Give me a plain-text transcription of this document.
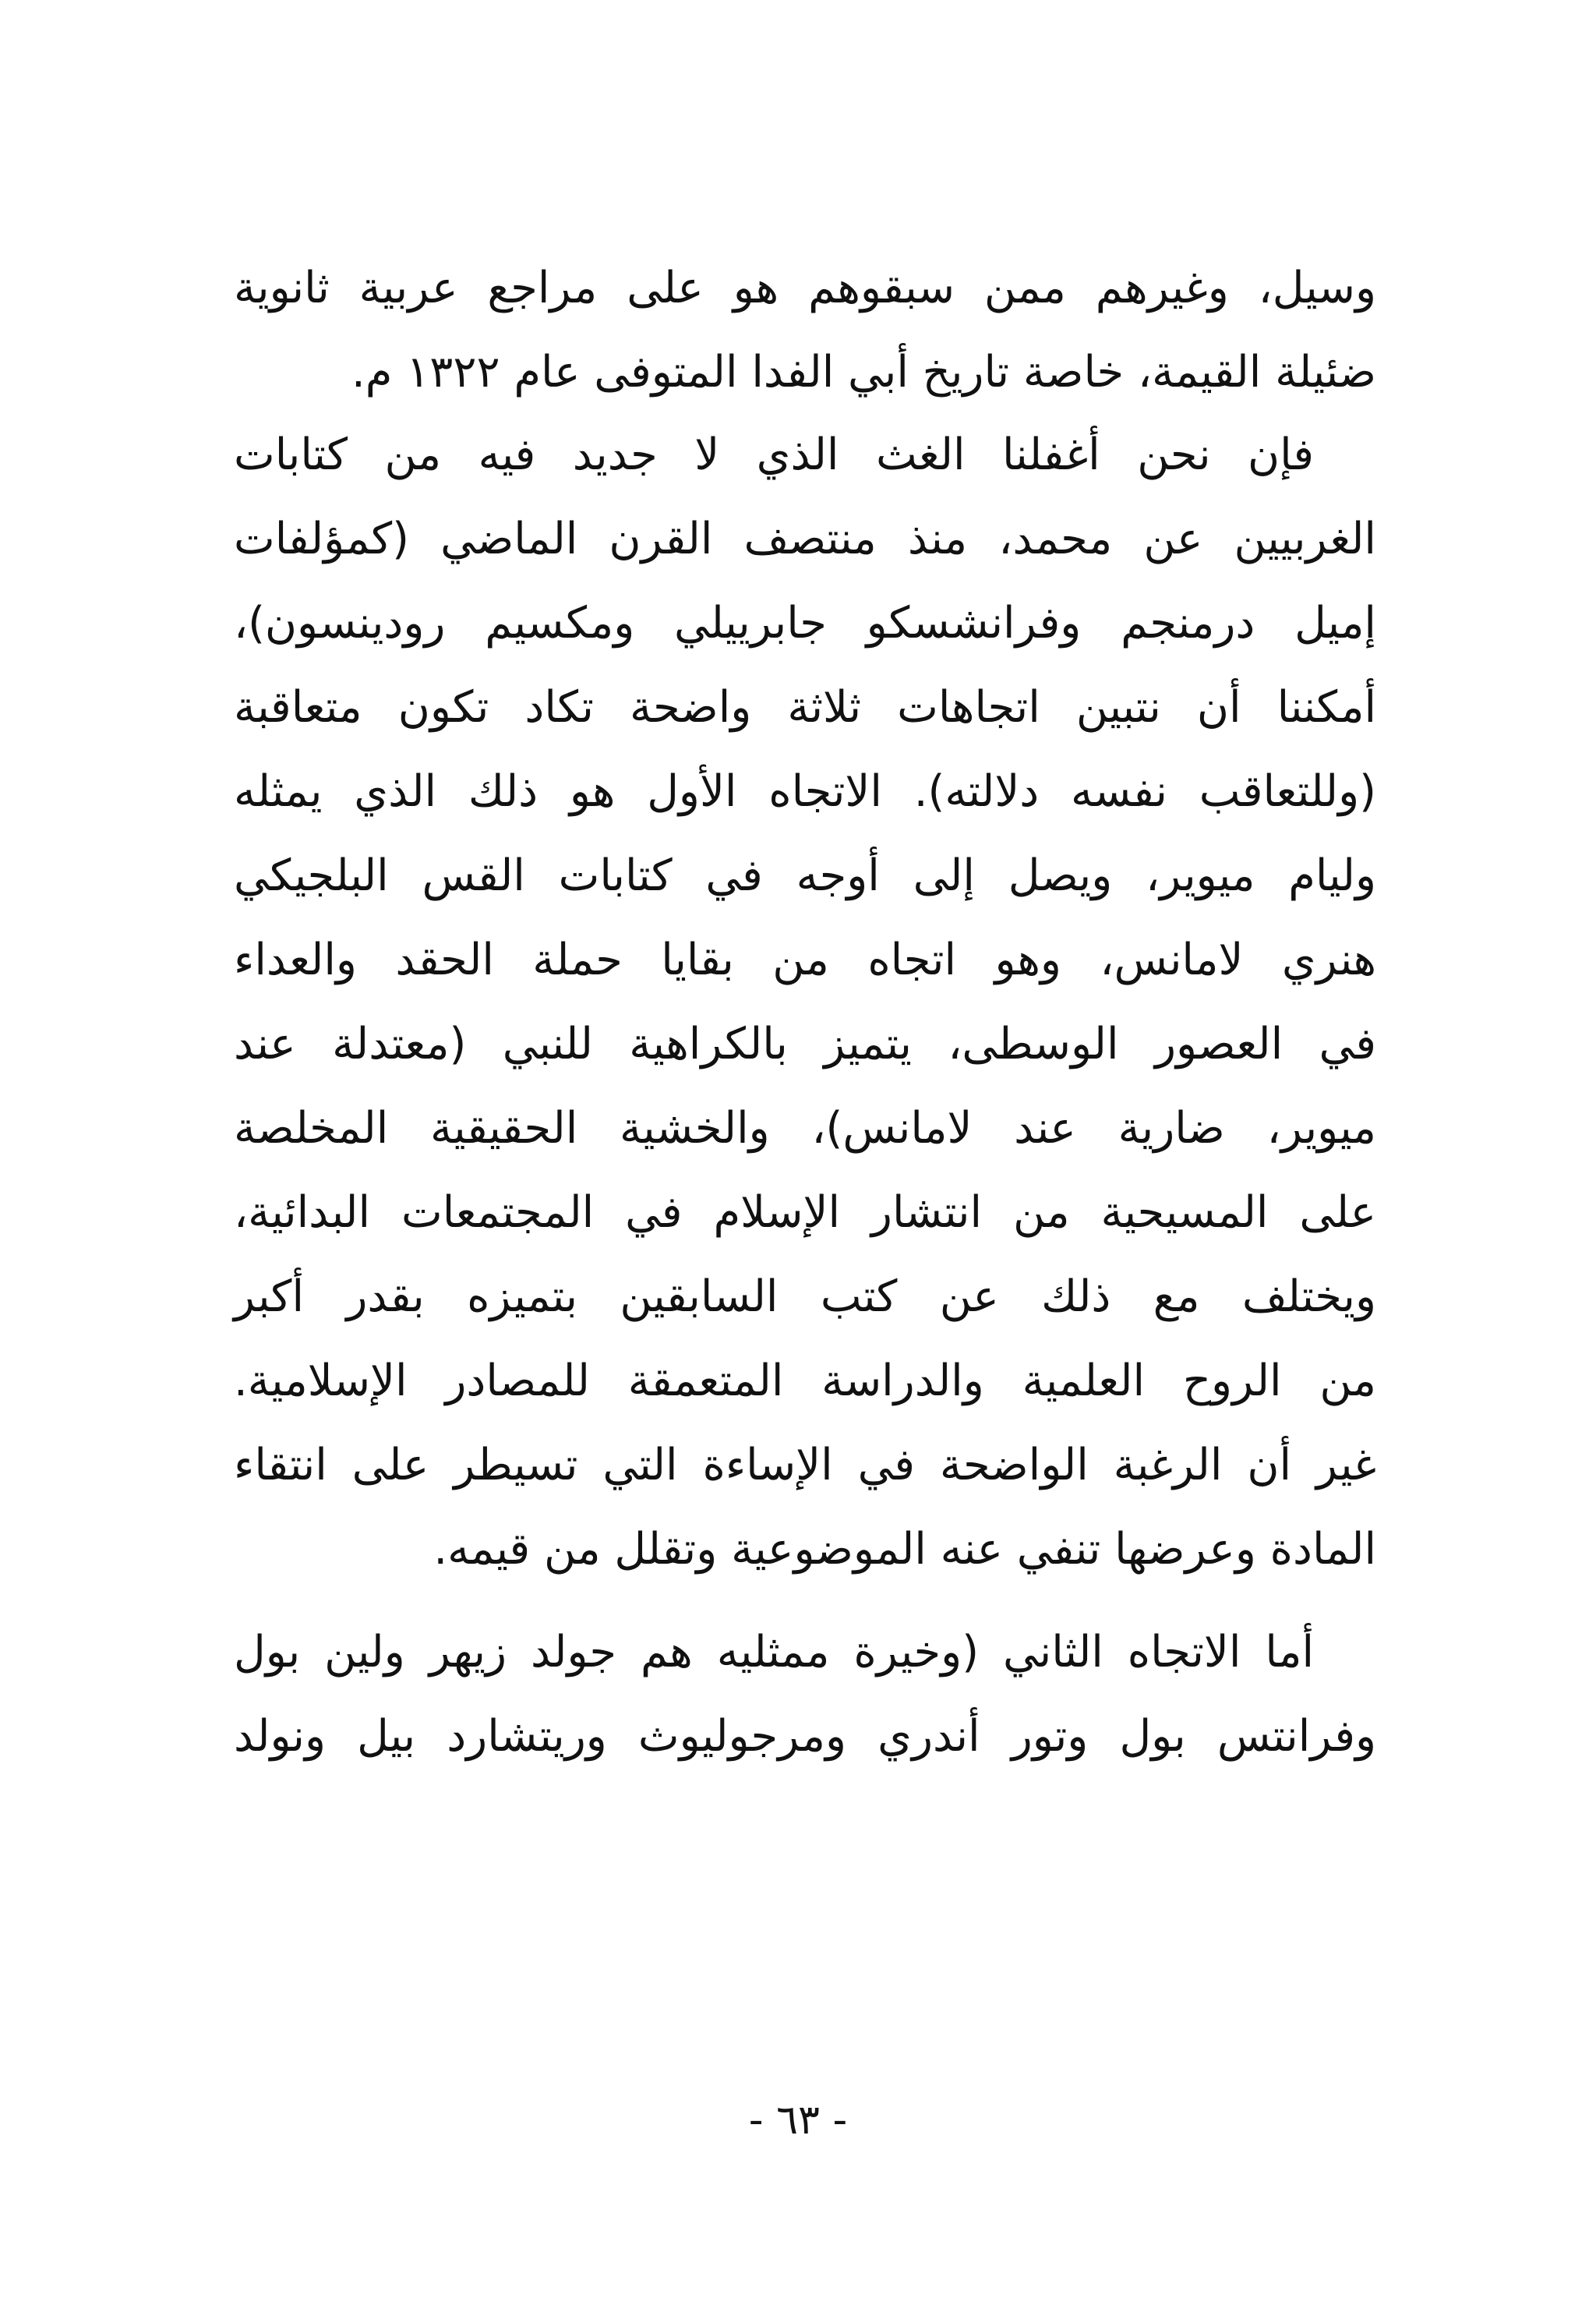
وسيل، وغيرهم ممن سبقوهم هو على مراجع عربية ثانوية
ضئيلة القيمة، خاصة تاريخ أبي الفدا المتوفى عام ١٣٢٢ م.
فإن نحن أغفلنا الغث الذي لا جديد فيه من كتابات
الغربيين عن محمد، منذ منتصف القرن الماضي (كمؤلفات
إميل درمنجم وفرانشسكو جابرييلي ومكسيم رودينسون)،
أمكننا أن نتبين اتجاهات ثلاثة واضحة تكاد تكون متعاقبة
(وللتعاقب نفسه دلالته). الاتجاه الأول هو ذلك الذي يمثله
وليام ميوير، ويصل إلى أوجه في كتابات القس البلجيكي
هنري لامانس، وهو اتجاه من بقايا حملة الحقد والعداء
في العصور الوسطى، يتميز بالكراهية للنبي (معتدلة عند
ميوير، ضارية عند لامانس)، والخشية الحقيقية المخلصة
على المسيحية من انتشار الإسلام في المجتمعات البدائية،
ويختلف مع ذلك عن كتب السابقين بتميزه بقدر أكبر
من الروح العلمية والدراسة المتعمقة للمصادر الإسلامية.
غير أن الرغبة الواضحة في الإساءة التي تسيطر على انتقاء
المادة وعرضها تنفي عنه الموضوعية وتقلل من قيمه.
أما الاتجاه الثاني (وخيرة ممثليه هم جولد زيهر ولين بول
وفرانتس بول وتور أندري ومرجوليوث وريتشارد بيل ونولد
- ٦٣ -
